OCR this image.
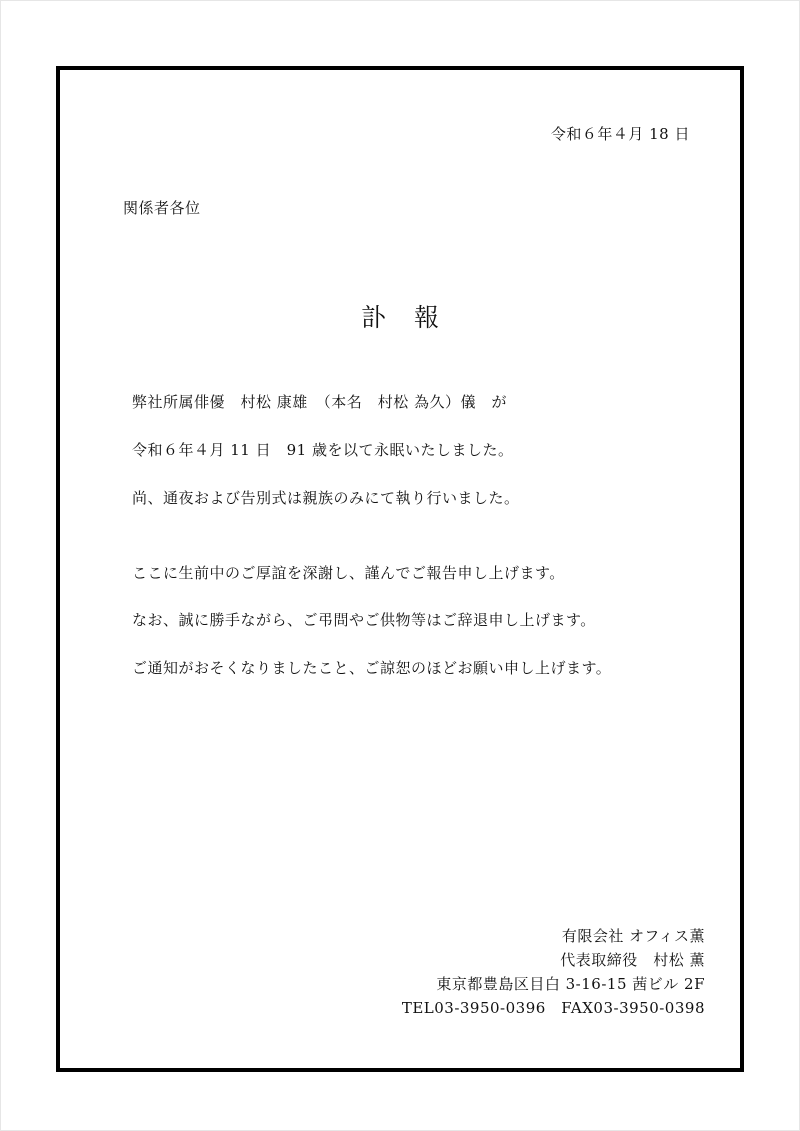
令和６年４月 18 日
関係者各位
訃 報
弊社所属俳優　村松 康雄　（本名　村松 為久）儀　が
令和６年４月 11 日　91 歳を以て永眠いたしました。
尚、通夜および告別式は親族のみにて執り行いました。
ここに生前中のご厚誼を深謝し、謹んでご報告申し上げます。
なお、誠に勝手ながら、ご弔問やご供物等はご辞退申し上げます。
ご通知がおそくなりましたこと、ご諒恕のほどお願い申し上げます。
有限会社 オフィス薫
代表取締役　村松 薫
東京都豊島区目白 3-16-15 茜ビル 2F
TEL03-3950-0396　FAX03-3950-0398
